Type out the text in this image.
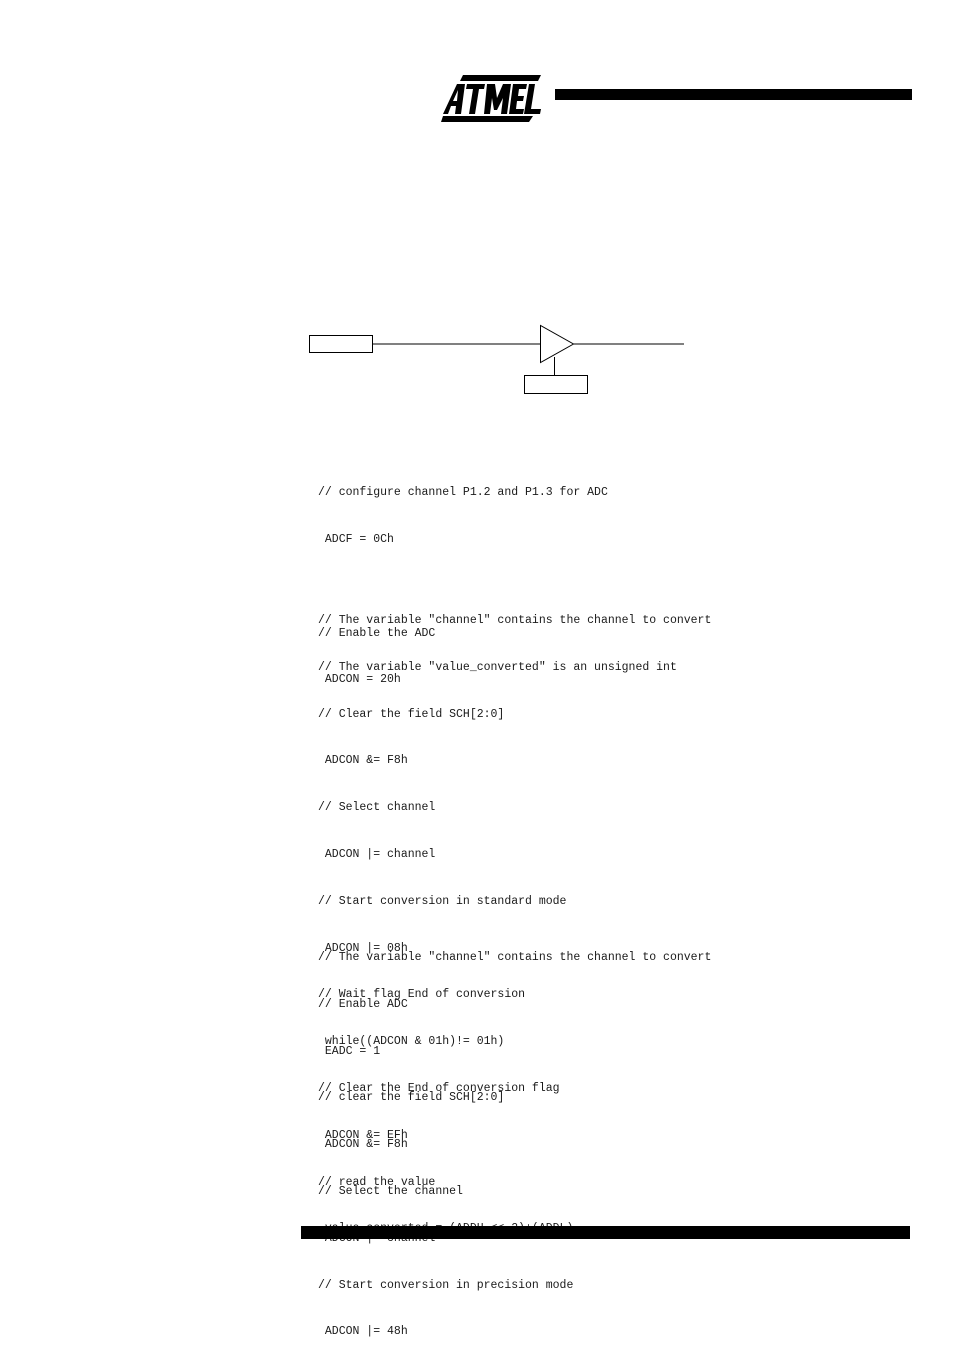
// configure channel P1.2 and P1.3 for ADC

ADCF = 0Ch

// Enable the ADC

ADCON = 20h

// The variable "channel" contains the channel to convert

// The variable "value_converted" is an unsigned int

// Clear the field SCH[2:0]

ADCON &= F8h

// Select channel

ADCON |= channel

// Start conversion in standard mode

ADCON |= 08h

// Wait flag End of conversion

while((ADCON & 01h)!= 01h)

// Clear the End of conversion flag

ADCON &= EFh

// read the value

// The variable "channel" contains the channel to convert

// Enable ADC

EADC = 1

// clear the field SCH[2:0]

ADCON &= F8h

// Select the channel

// Start conversion in precision mode

ADCON |= 48h
